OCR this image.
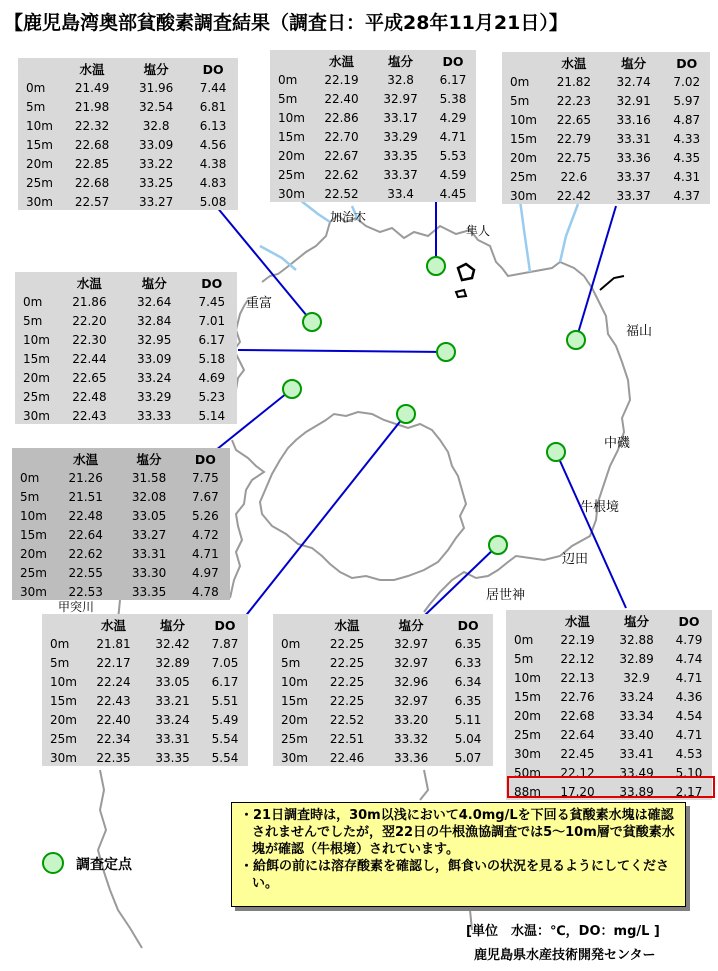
【鹿児島湾奥部貧酸素調査結果（調査日：平成28年11月21日）】
	水温	塩分	DO
0m	21.49	31.96	7.44
5m	21.98	32.54	6.81
10m	22.32	32.8	6.13
15m	22.68	33.09	4.56
20m	22.85	33.22	4.38
25m	22.68	33.25	4.83
30m	22.57	33.27	5.08
	水温	塩分	DO
0m	22.19	32.8	6.17
5m	22.40	32.97	5.38
10m	22.86	33.17	4.29
15m	22.70	33.29	4.71
20m	22.67	33.35	5.53
25m	22.62	33.37	4.59
30m	22.52	33.4	4.45
	水温	塩分	DO
0m	21.82	32.74	7.02
5m	22.23	32.91	5.97
10m	22.65	33.16	4.87
15m	22.79	33.31	4.33
20m	22.75	33.36	4.35
25m	22.6	33.37	4.31
30m	22.42	33.37	4.37
	水温	塩分	DO
0m	21.86	32.64	7.45
5m	22.20	32.84	7.01
10m	22.30	32.95	6.17
15m	22.44	33.09	5.18
20m	22.65	33.24	4.69
25m	22.48	33.29	5.23
30m	22.43	33.33	5.14
	水温	塩分	DO
0m	21.26	31.58	7.75
5m	21.51	32.08	7.67
10m	22.48	33.05	5.26
15m	22.64	33.27	4.72
20m	22.62	33.31	4.71
25m	22.55	33.30	4.97
30m	22.53	33.35	4.78
	水温	塩分	DO
0m	21.81	32.42	7.87
5m	22.17	32.89	7.05
10m	22.24	33.05	6.17
15m	22.43	33.21	5.51
20m	22.40	33.24	5.49
25m	22.34	33.31	5.54
30m	22.35	33.35	5.54
	水温	塩分	DO
0m	22.25	32.97	6.35
5m	22.25	32.97	6.33
10m	22.25	32.96	6.34
15m	22.25	32.97	6.35
20m	22.52	33.20	5.11
25m	22.51	33.32	5.04
30m	22.46	33.36	5.07
	水温	塩分	DO
0m	22.19	32.88	4.79
5m	22.12	32.89	4.74
10m	22.13	32.9	4.71
15m	22.76	33.24	4.36
20m	22.68	33.34	4.54
25m	22.64	33.40	4.71
30m	22.45	33.41	4.53
50m	22.12	33.49	5.10
88m	17.20	33.89	2.17
加治木
隼人
重富
福山
中磯
牛根境
辺田
居世神
甲突川
調査定点

・21日調査時は，30m以浅において4.0mg/Lを下回る貧酸素水塊は確認されませんでしたが，翌22日の牛根漁協調査では5～10m層で貧酸素水塊が確認（牛根境）されています。

・給餌の前には溶存酸素を確認し，餌食いの状況を見るようにしてください。

[単位　水温：℃，DO：mg/L ]
鹿児島県水産技術開発センター
